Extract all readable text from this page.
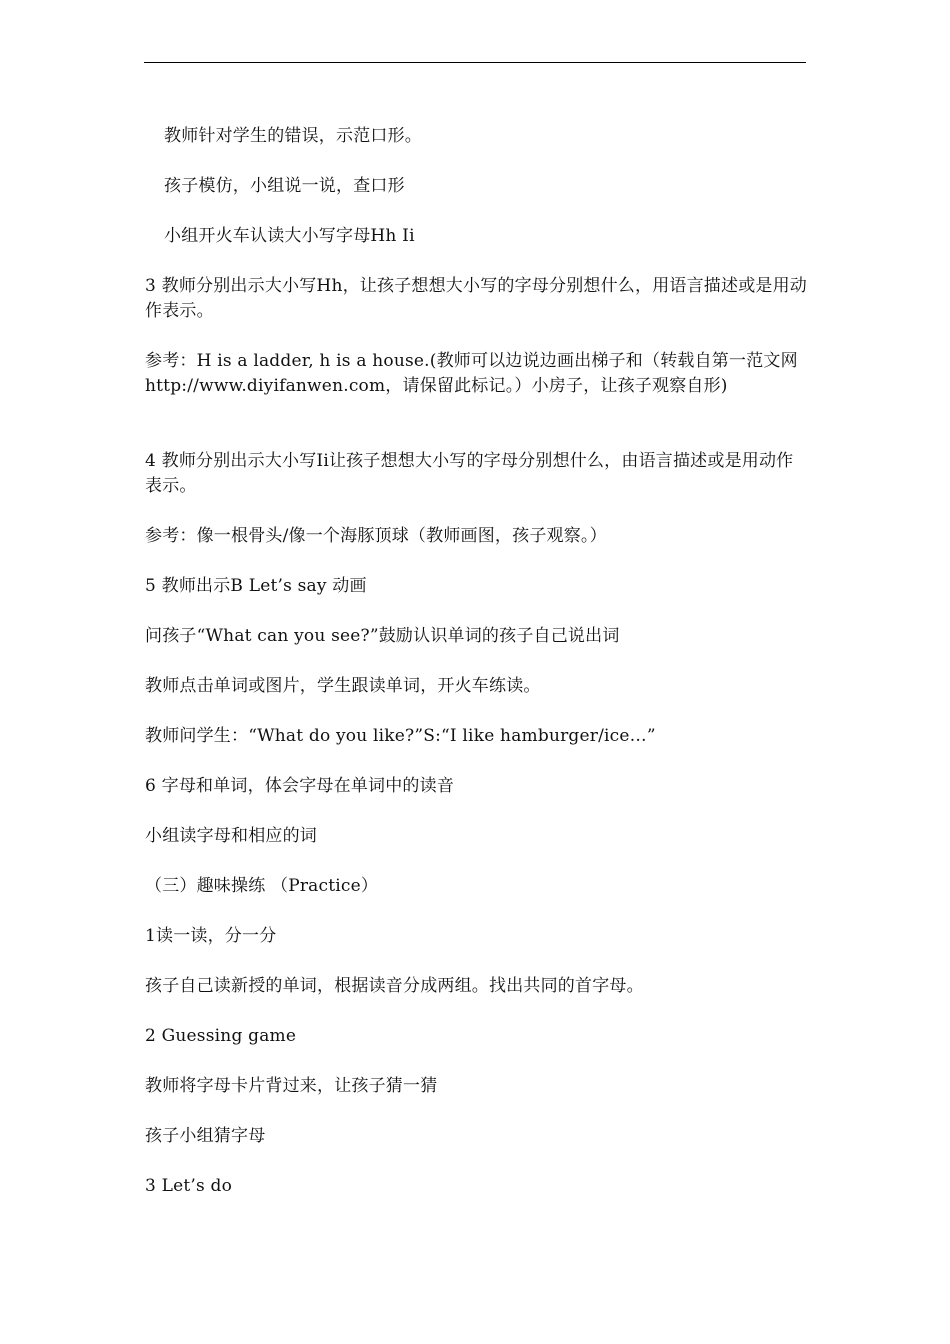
教师针对学生的错误，示范口形。
孩子模仿，小组说一说，查口形
小组开火车认读大小写字母Hh Ii
3 教师分别出示大小写Hh，让孩子想想大小写的字母分别想什么，用语言描述或是用动作表示。
参考：H is a ladder, h is a house.(教师可以边说边画出梯子和（转载自第一范文网http://www.diyifanwen.com，请保留此标记。）小房子，让孩子观察自形)
4 教师分别出示大小写Ii让孩子想想大小写的字母分别想什么，由语言描述或是用动作表示。
参考：像一根骨头/像一个海豚顶球（教师画图，孩子观察。）
5 教师出示B Let’s say 动画
问孩子“What can you see?”鼓励认识单词的孩子自己说出词
教师点击单词或图片，学生跟读单词，开火车练读。
教师问学生：“What do you like?”S:“I like hamburger/ice…”
6 字母和单词，体会字母在单词中的读音
小组读字母和相应的词
（三）趣味操练 （Practice）
1读一读，分一分
孩子自己读新授的单词，根据读音分成两组。找出共同的首字母。
2 Guessing game
教师将字母卡片背过来，让孩子猜一猜
孩子小组猜字母
3 Let’s do
